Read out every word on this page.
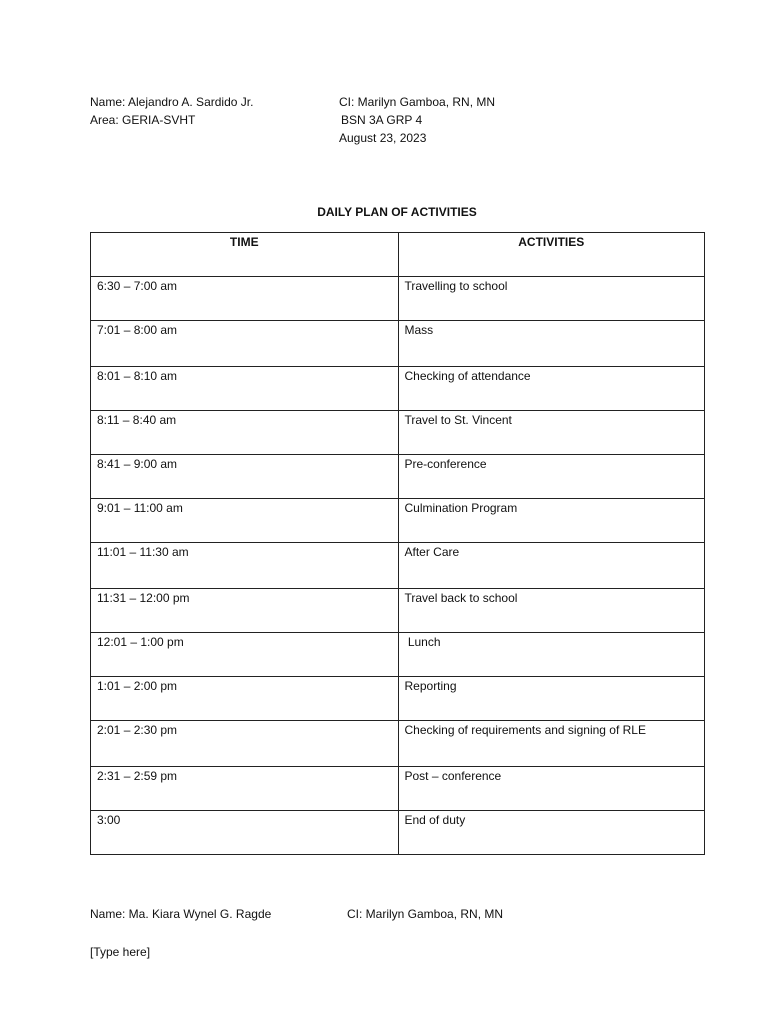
Name: Alejandro A. Sardido Jr.
Area: GERIA-SVHT
CI: Marilyn Gamboa, RN, MN
BSN 3A GRP 4
August 23, 2023
DAILY PLAN OF ACTIVITIES
TIME	ACTIVITIES
6:30 – 7:00 am	Travelling to school
7:01 – 8:00 am	Mass
8:01 – 8:10 am	Checking of attendance
8:11 – 8:40 am	Travel to St. Vincent
8:41 – 9:00 am	Pre-conference
9:01 – 11:00 am	Culmination Program
11:01 – 11:30 am	After Care
11:31 – 12:00 pm	Travel back to school
12:01 – 1:00 pm	Lunch
1:01 – 2:00 pm	Reporting
2:01 – 2:30 pm	Checking of requirements and signing of RLE
2:31 – 2:59 pm	Post – conference
3:00	End of duty
Name: Ma. Kiara Wynel G. Ragde	CI: Marilyn Gamboa, RN, MN
[Type here]
